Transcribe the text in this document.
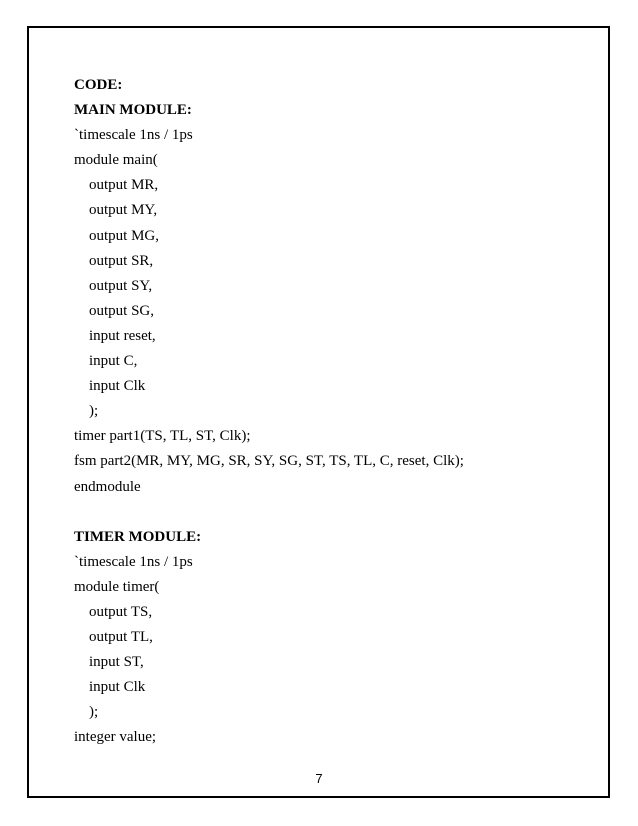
CODE:
MAIN MODULE:
`timescale 1ns / 1ps
module main(
output MR,
output MY,
output MG,
output SR,
output SY,
output SG,
input reset,
input C,
input Clk
);
timer part1(TS, TL, ST, Clk);
fsm part2(MR, MY, MG, SR, SY, SG, ST, TS, TL, C, reset, Clk);
endmodule
TIMER MODULE:
`timescale 1ns / 1ps
module timer(
output TS,
output TL,
input ST,
input Clk
);
integer value;
7
